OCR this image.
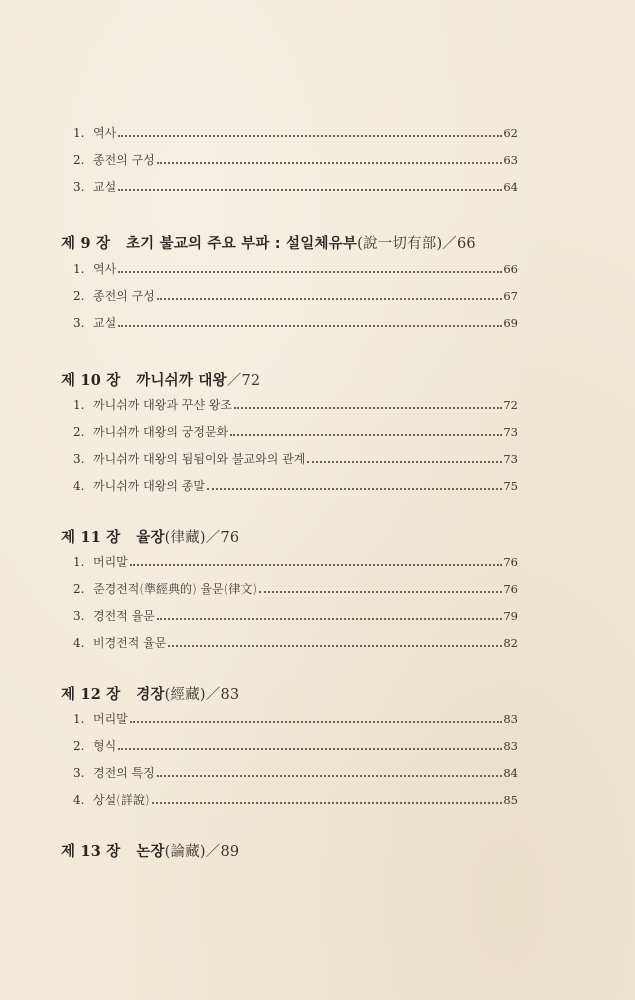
1. 역사	62
2. 종전의 구성	63
3. 교설	64
제 9 장 초기 불교의 주요 부파 : 설일체유부(說一切有部)／66
1. 역사	66
2. 종전의 구성	67
3. 교설	69
제 10 장 까니쉬까 대왕／72
1. 까니쉬까 대왕과 꾸샨 왕조	72
2. 까니쉬까 대왕의 궁정문화	73
3. 까니쉬까 대왕의 됨됨이와 불교와의 관계	73
4. 까니쉬까 대왕의 종말	75
제 11 장 율장(律藏)／76
1. 머리말	76
2. 준경전적(準經典的) 율문(律文)	76
3. 경전적 율문	79
4. 비경전적 율문	82
제 12 장 경장(經藏)／83
1. 머리말	83
2. 형식	83
3. 경전의 특징	84
4. 상설(詳說)	85
제 13 장 논장(論藏)／89
